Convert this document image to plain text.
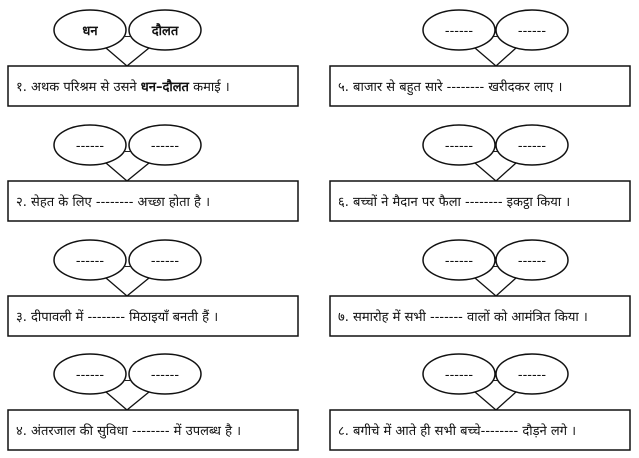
धन	दौलत
–
१. अथक परिश्रम से उसने धन–दौलत कमाई ।
------	------
–
२. सेहत के लिए -------- अच्छा होता है ।
------	------
–
३. दीपावली में -------- मिठाइयाँ बनती हैं ।
------	------
–
४. अंतरजाल की सुविधा -------- में उपलब्ध है ।
------	------
–
५. बाजार से बहुत सारे -------- खरीदकर लाए ।
------	------
–
६. बच्चों ने मैदान पर फैला -------- इकट्ठा किया ।
------	------
–
७. समारोह में सभी ------- वालों को आमंत्रित किया ।
------	------
–
८. बगीचे में आते ही सभी बच्चे-------- दौड़ने लगे ।
